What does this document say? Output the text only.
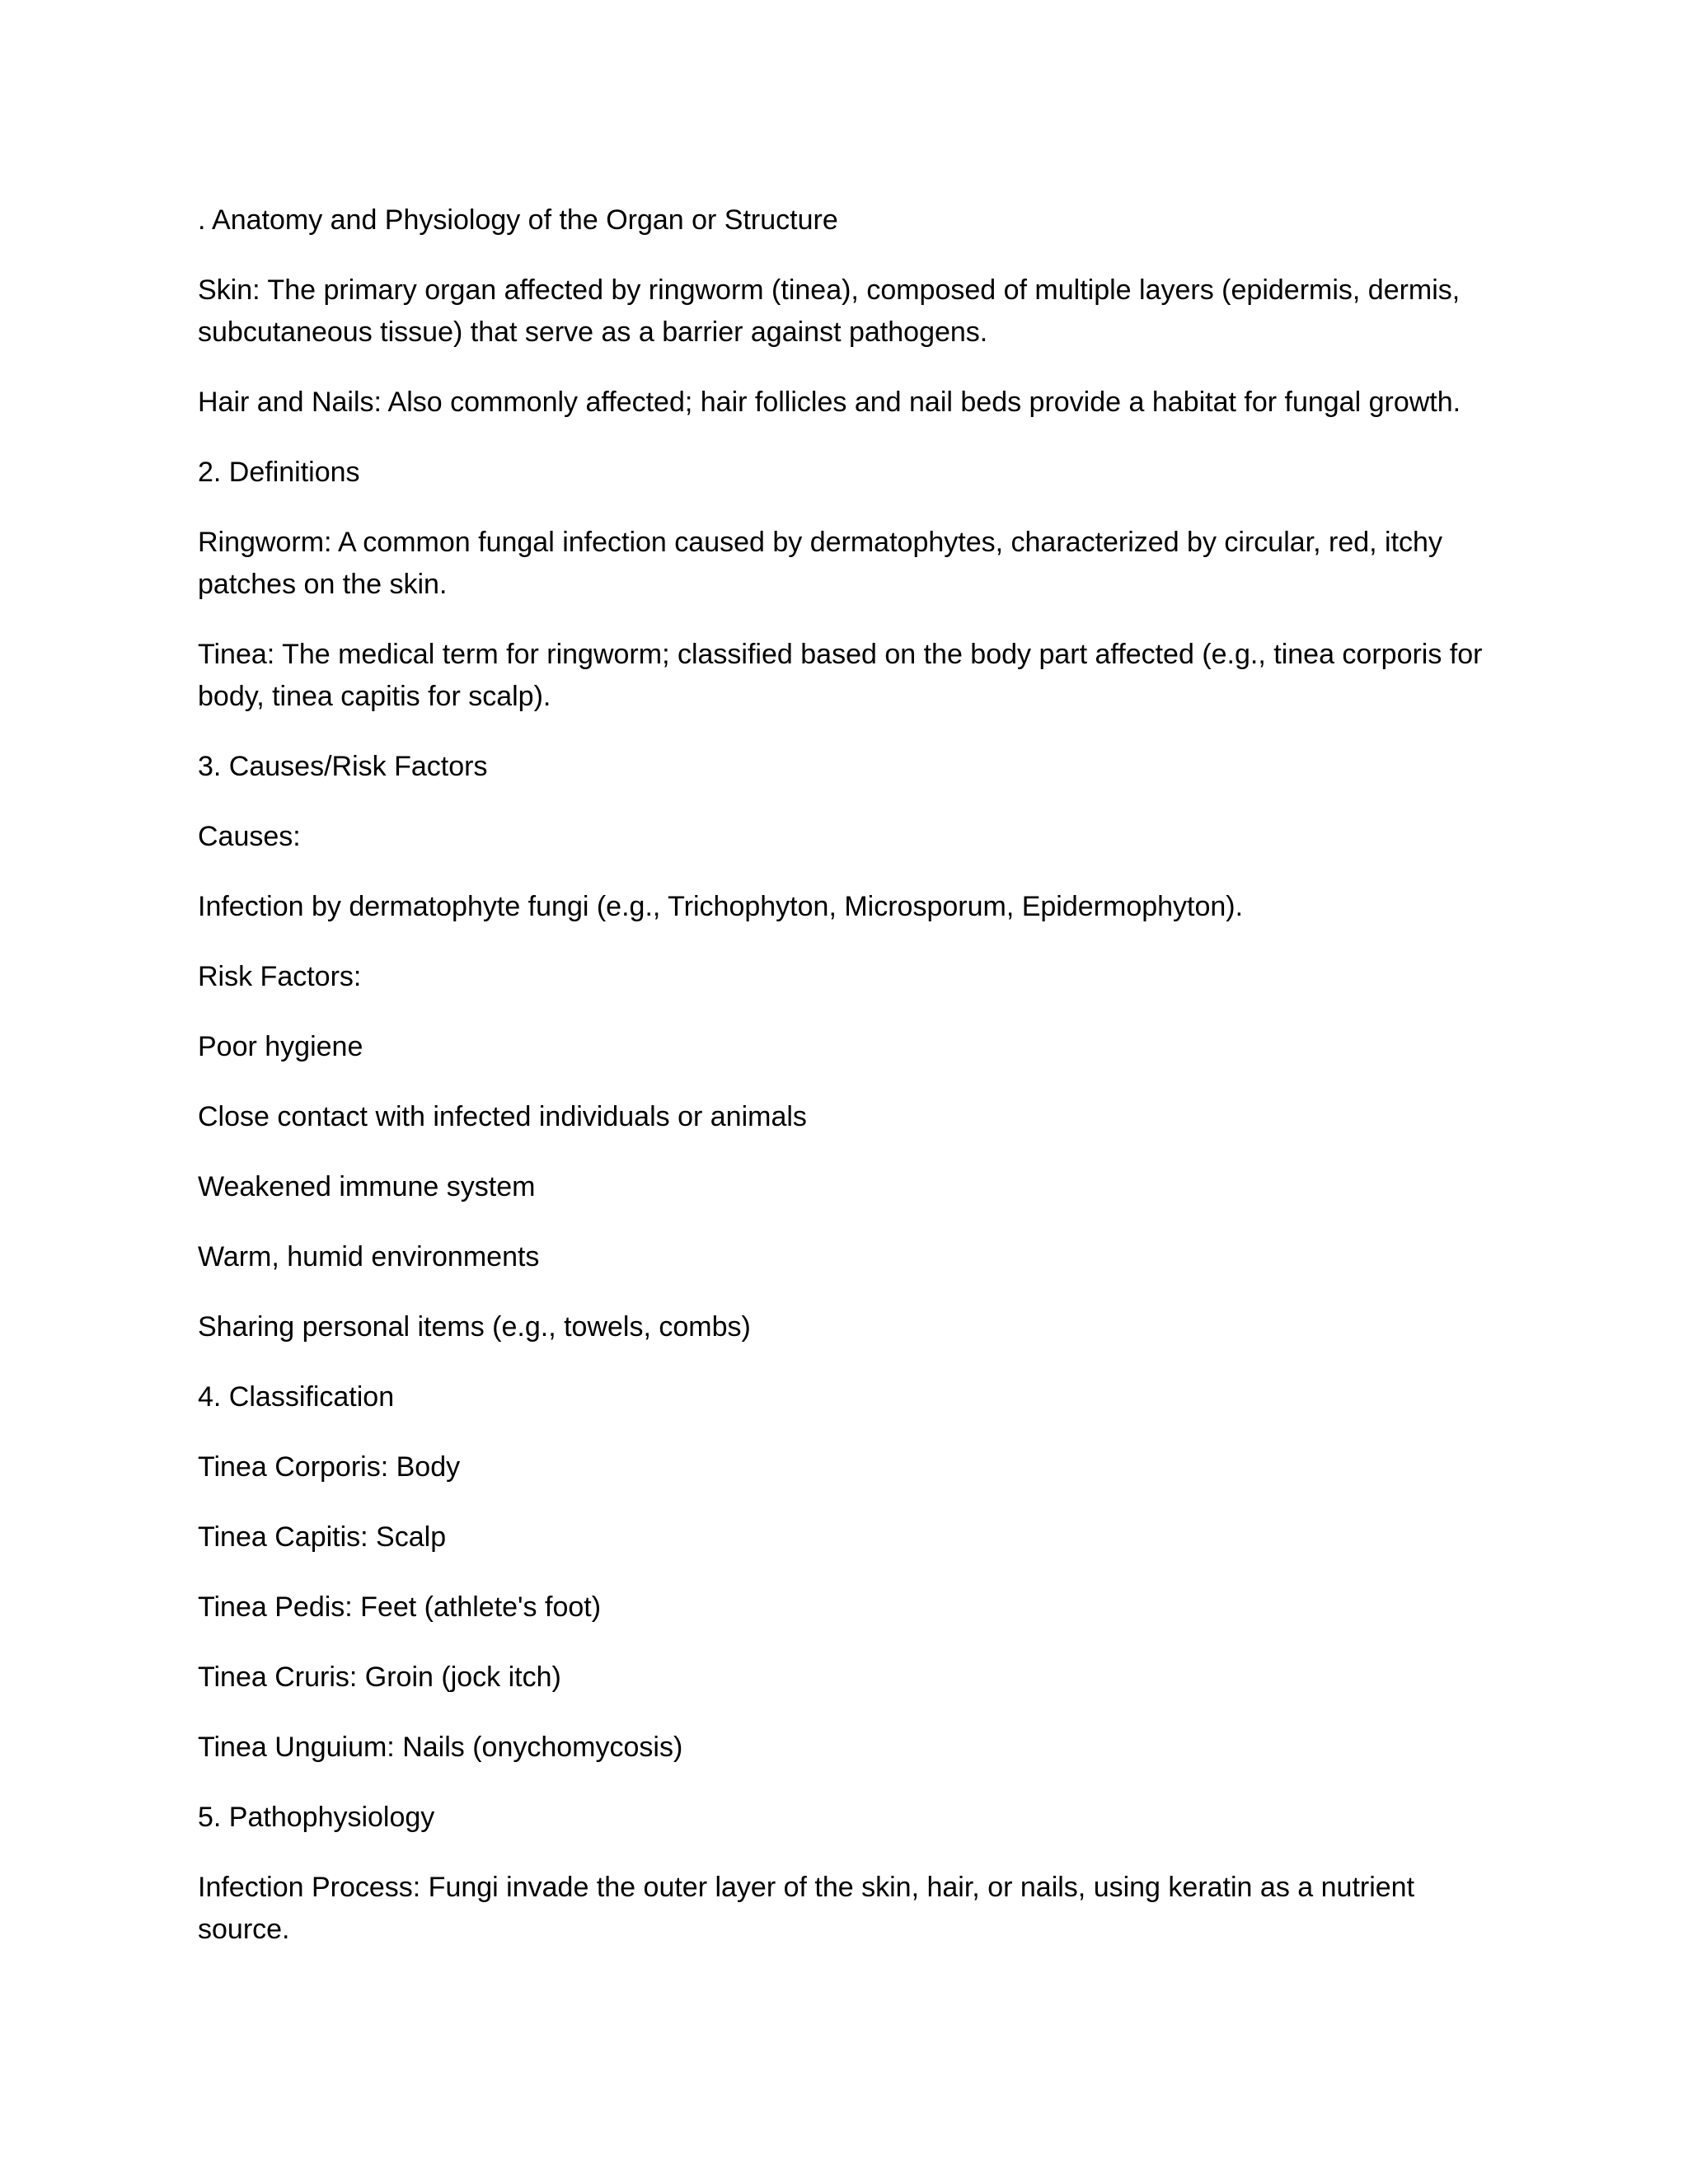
. Anatomy and Physiology of the Organ or Structure

Skin: The primary organ affected by ringworm (tinea), composed of multiple layers (epidermis, dermis, subcutaneous tissue) that serve as a barrier against pathogens.

Hair and Nails: Also commonly affected; hair follicles and nail beds provide a habitat for fungal growth.

2. Definitions

Ringworm: A common fungal infection caused by dermatophytes, characterized by circular, red, itchy patches on the skin.

Tinea: The medical term for ringworm; classified based on the body part affected (e.g., tinea corporis for body, tinea capitis for scalp).

3. Causes/Risk Factors

Causes:

Infection by dermatophyte fungi (e.g., Trichophyton, Microsporum, Epidermophyton).

Risk Factors:

Poor hygiene

Close contact with infected individuals or animals

Weakened immune system

Warm, humid environments

Sharing personal items (e.g., towels, combs)

4. Classification

Tinea Corporis: Body

Tinea Capitis: Scalp

Tinea Pedis: Feet (athlete's foot)

Tinea Cruris: Groin (jock itch)

Tinea Unguium: Nails (onychomycosis)

5. Pathophysiology

Infection Process: Fungi invade the outer layer of the skin, hair, or nails, using keratin as a nutrient source.
